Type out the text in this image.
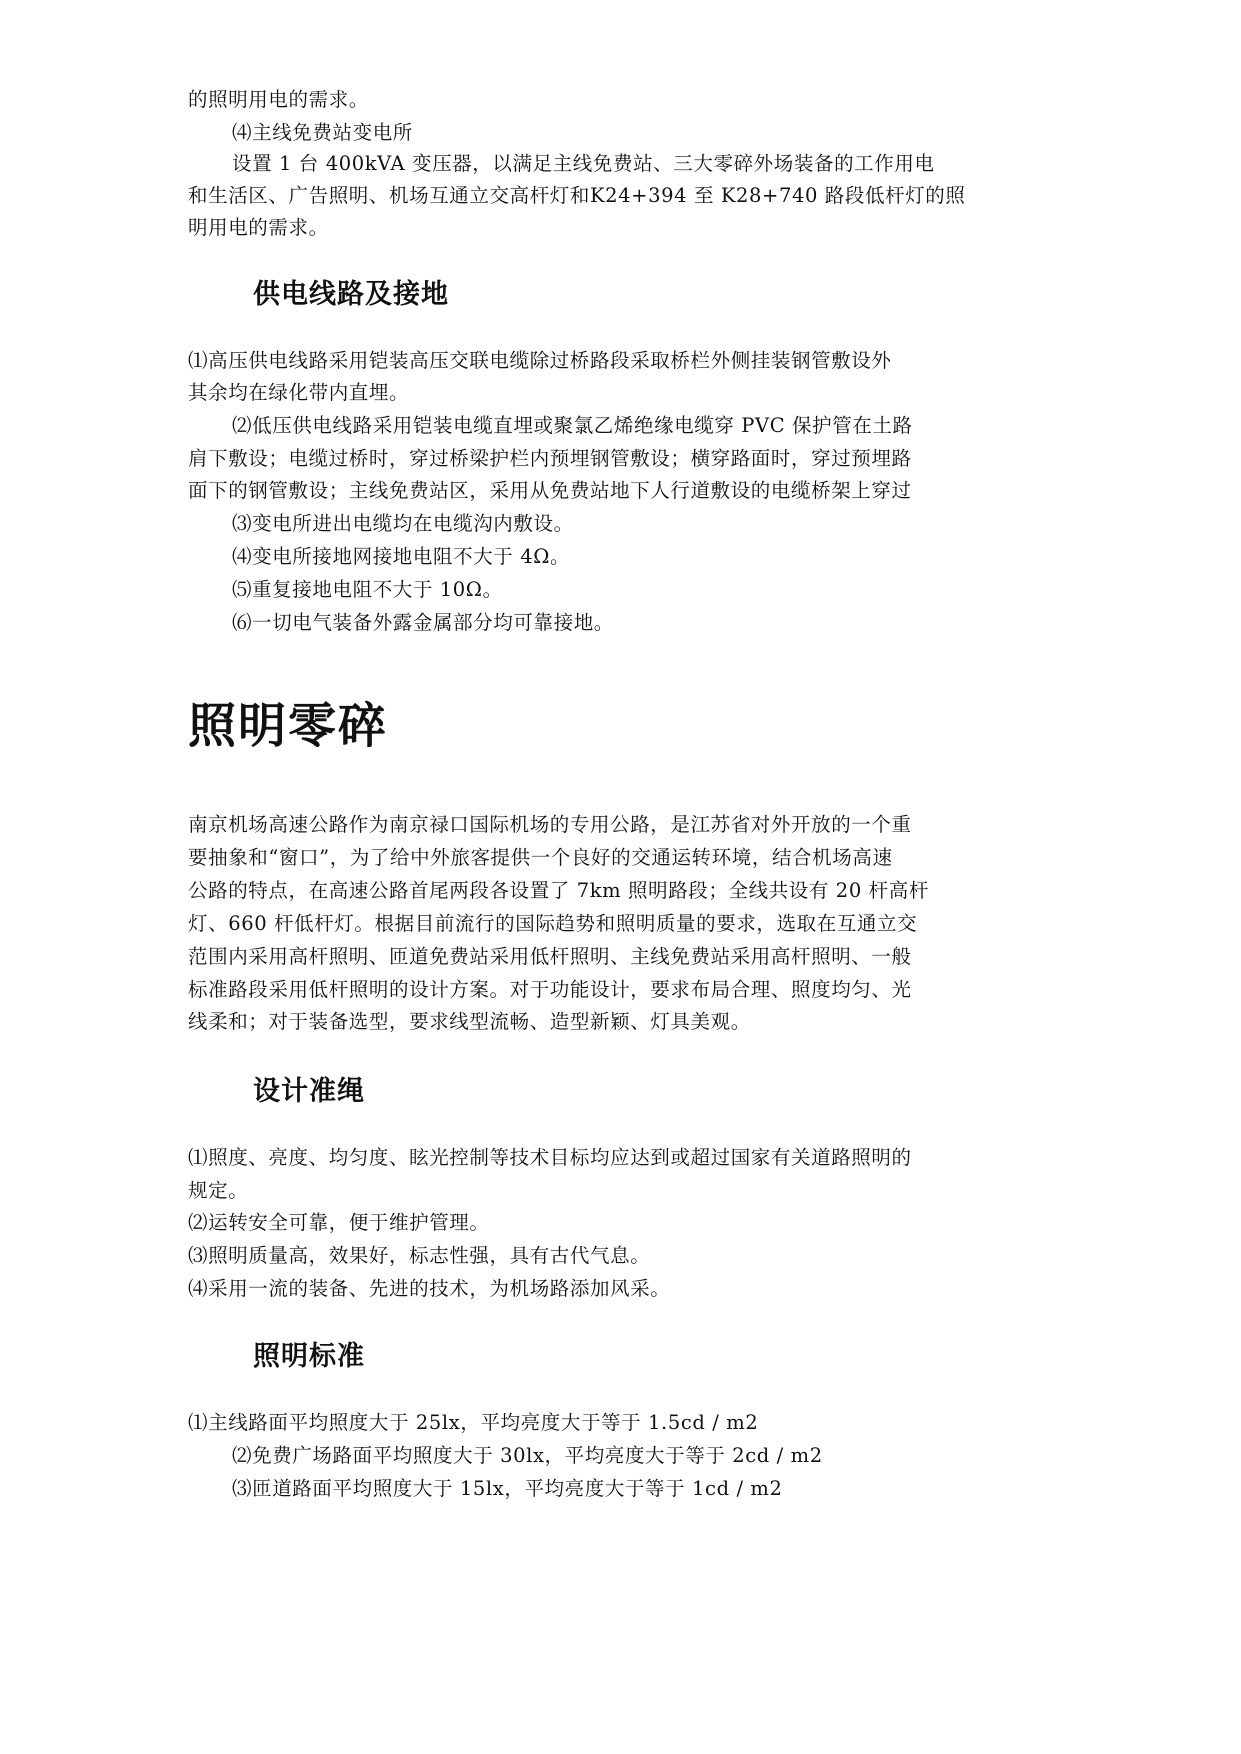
的照明用电的需求。
⑷主线免费站变电所
设置 1 台 400kVA 变压器，以满足主线免费站、三大零碎外场装备的工作用电
和生活区、广告照明、机场互通立交高杆灯和K24+394 至 K28+740 路段低杆灯的照
明用电的需求。
供电线路及接地
⑴高压供电线路采用铠装高压交联电缆除过桥路段采取桥栏外侧挂装钢管敷设外
其余均在绿化带内直埋。
⑵低压供电线路采用铠装电缆直埋或聚氯乙烯绝缘电缆穿 PVC 保护管在土路
肩下敷设；电缆过桥时，穿过桥梁护栏内预埋钢管敷设；横穿路面时，穿过预埋路
面下的钢管敷设；主线免费站区，采用从免费站地下人行道敷设的电缆桥架上穿过
⑶变电所进出电缆均在电缆沟内敷设。
⑷变电所接地网接地电阻不大于 4Ω。
⑸重复接地电阻不大于 10Ω。
⑹一切电气装备外露金属部分均可靠接地。
照明零碎
南京机场高速公路作为南京禄口国际机场的专用公路，是江苏省对外开放的一个重
要抽象和“窗口”，为了给中外旅客提供一个良好的交通运转环境，结合机场高速
公路的特点，在高速公路首尾两段各设置了 7km 照明路段；全线共设有 20 杆高杆
灯、660 杆低杆灯。根据目前流行的国际趋势和照明质量的要求，选取在互通立交
范围内采用高杆照明、匝道免费站采用低杆照明、主线免费站采用高杆照明、一般
标准路段采用低杆照明的设计方案。对于功能设计，要求布局合理、照度均匀、光
线柔和；对于装备选型，要求线型流畅、造型新颖、灯具美观。
设计准绳
⑴照度、亮度、均匀度、眩光控制等技术目标均应达到或超过国家有关道路照明的
规定。
⑵运转安全可靠，便于维护管理。
⑶照明质量高，效果好，标志性强，具有古代气息。
⑷采用一流的装备、先进的技术，为机场路添加风采。
照明标准
⑴主线路面平均照度大于 25lx，平均亮度大于等于 1.5cd / m2
⑵免费广场路面平均照度大于 30lx，平均亮度大于等于 2cd / m2
⑶匝道路面平均照度大于 15lx，平均亮度大于等于 1cd / m2
